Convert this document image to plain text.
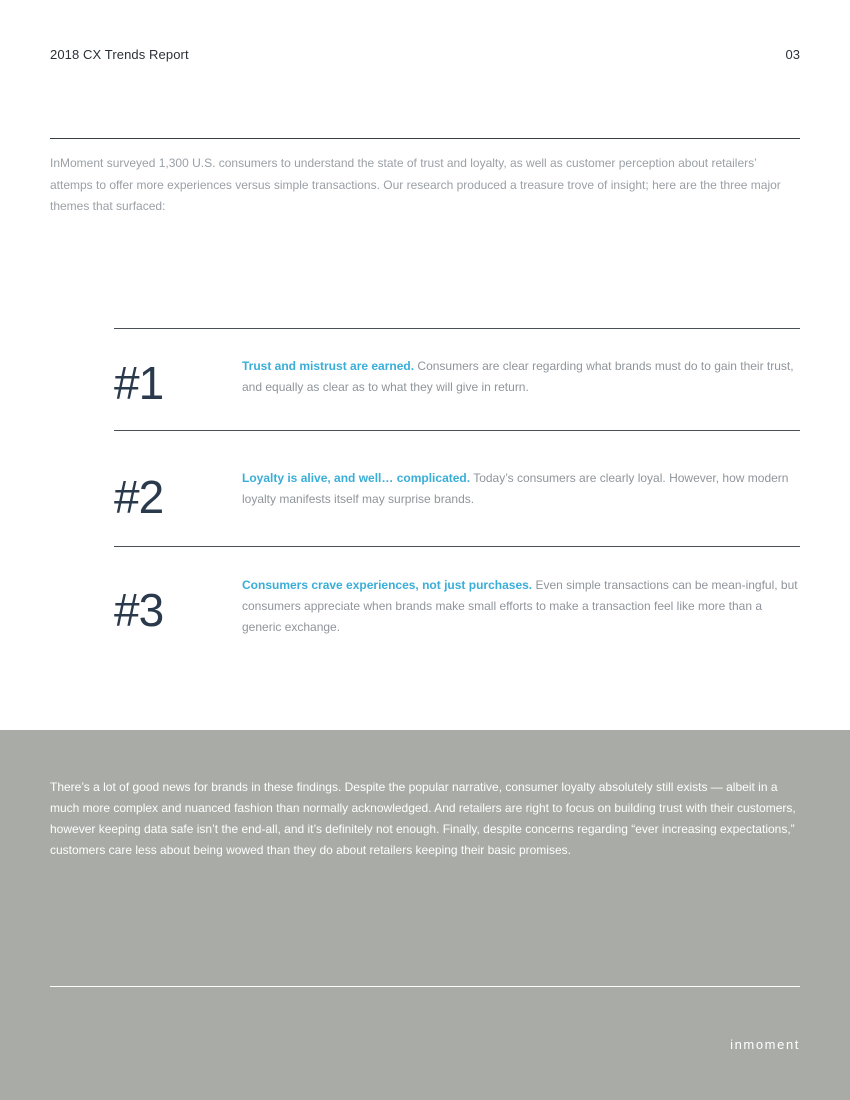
2018 CX Trends Report	03

InMoment surveyed 1,300 U.S. consumers to understand the state of trust and loyalty, as well as customer perception about retailers’ attemps to offer more experiences versus simple transactions. Our research produced a treasure trove of insight; here are the three major themes that surfaced:

#1	Trust and mistrust are earned. Consumers are clear regarding what brands must do to gain their trust, and equally as clear as to what they will give in return.

#2	Loyalty is alive, and well… complicated. Today’s consumers are clearly loyal. However, how modern loyalty manifests itself may surprise brands.

#3	Consumers crave experiences, not just purchases. Even simple transactions can be mean-ingful, but consumers appreciate when brands make small efforts to make a transaction feel like more than a generic exchange.

There’s a lot of good news for brands in these findings. Despite the popular narrative, consumer loyalty absolutely still exists — albeit in a much more complex and nuanced fashion than normally acknowledged. And retailers are right to focus on building trust with their customers, however keeping data safe isn’t the end-all, and it’s definitely not enough. Finally, despite concerns regarding “ever increasing expectations,” customers care less about being wowed than they do about retailers keeping their basic promises.

inmoment
